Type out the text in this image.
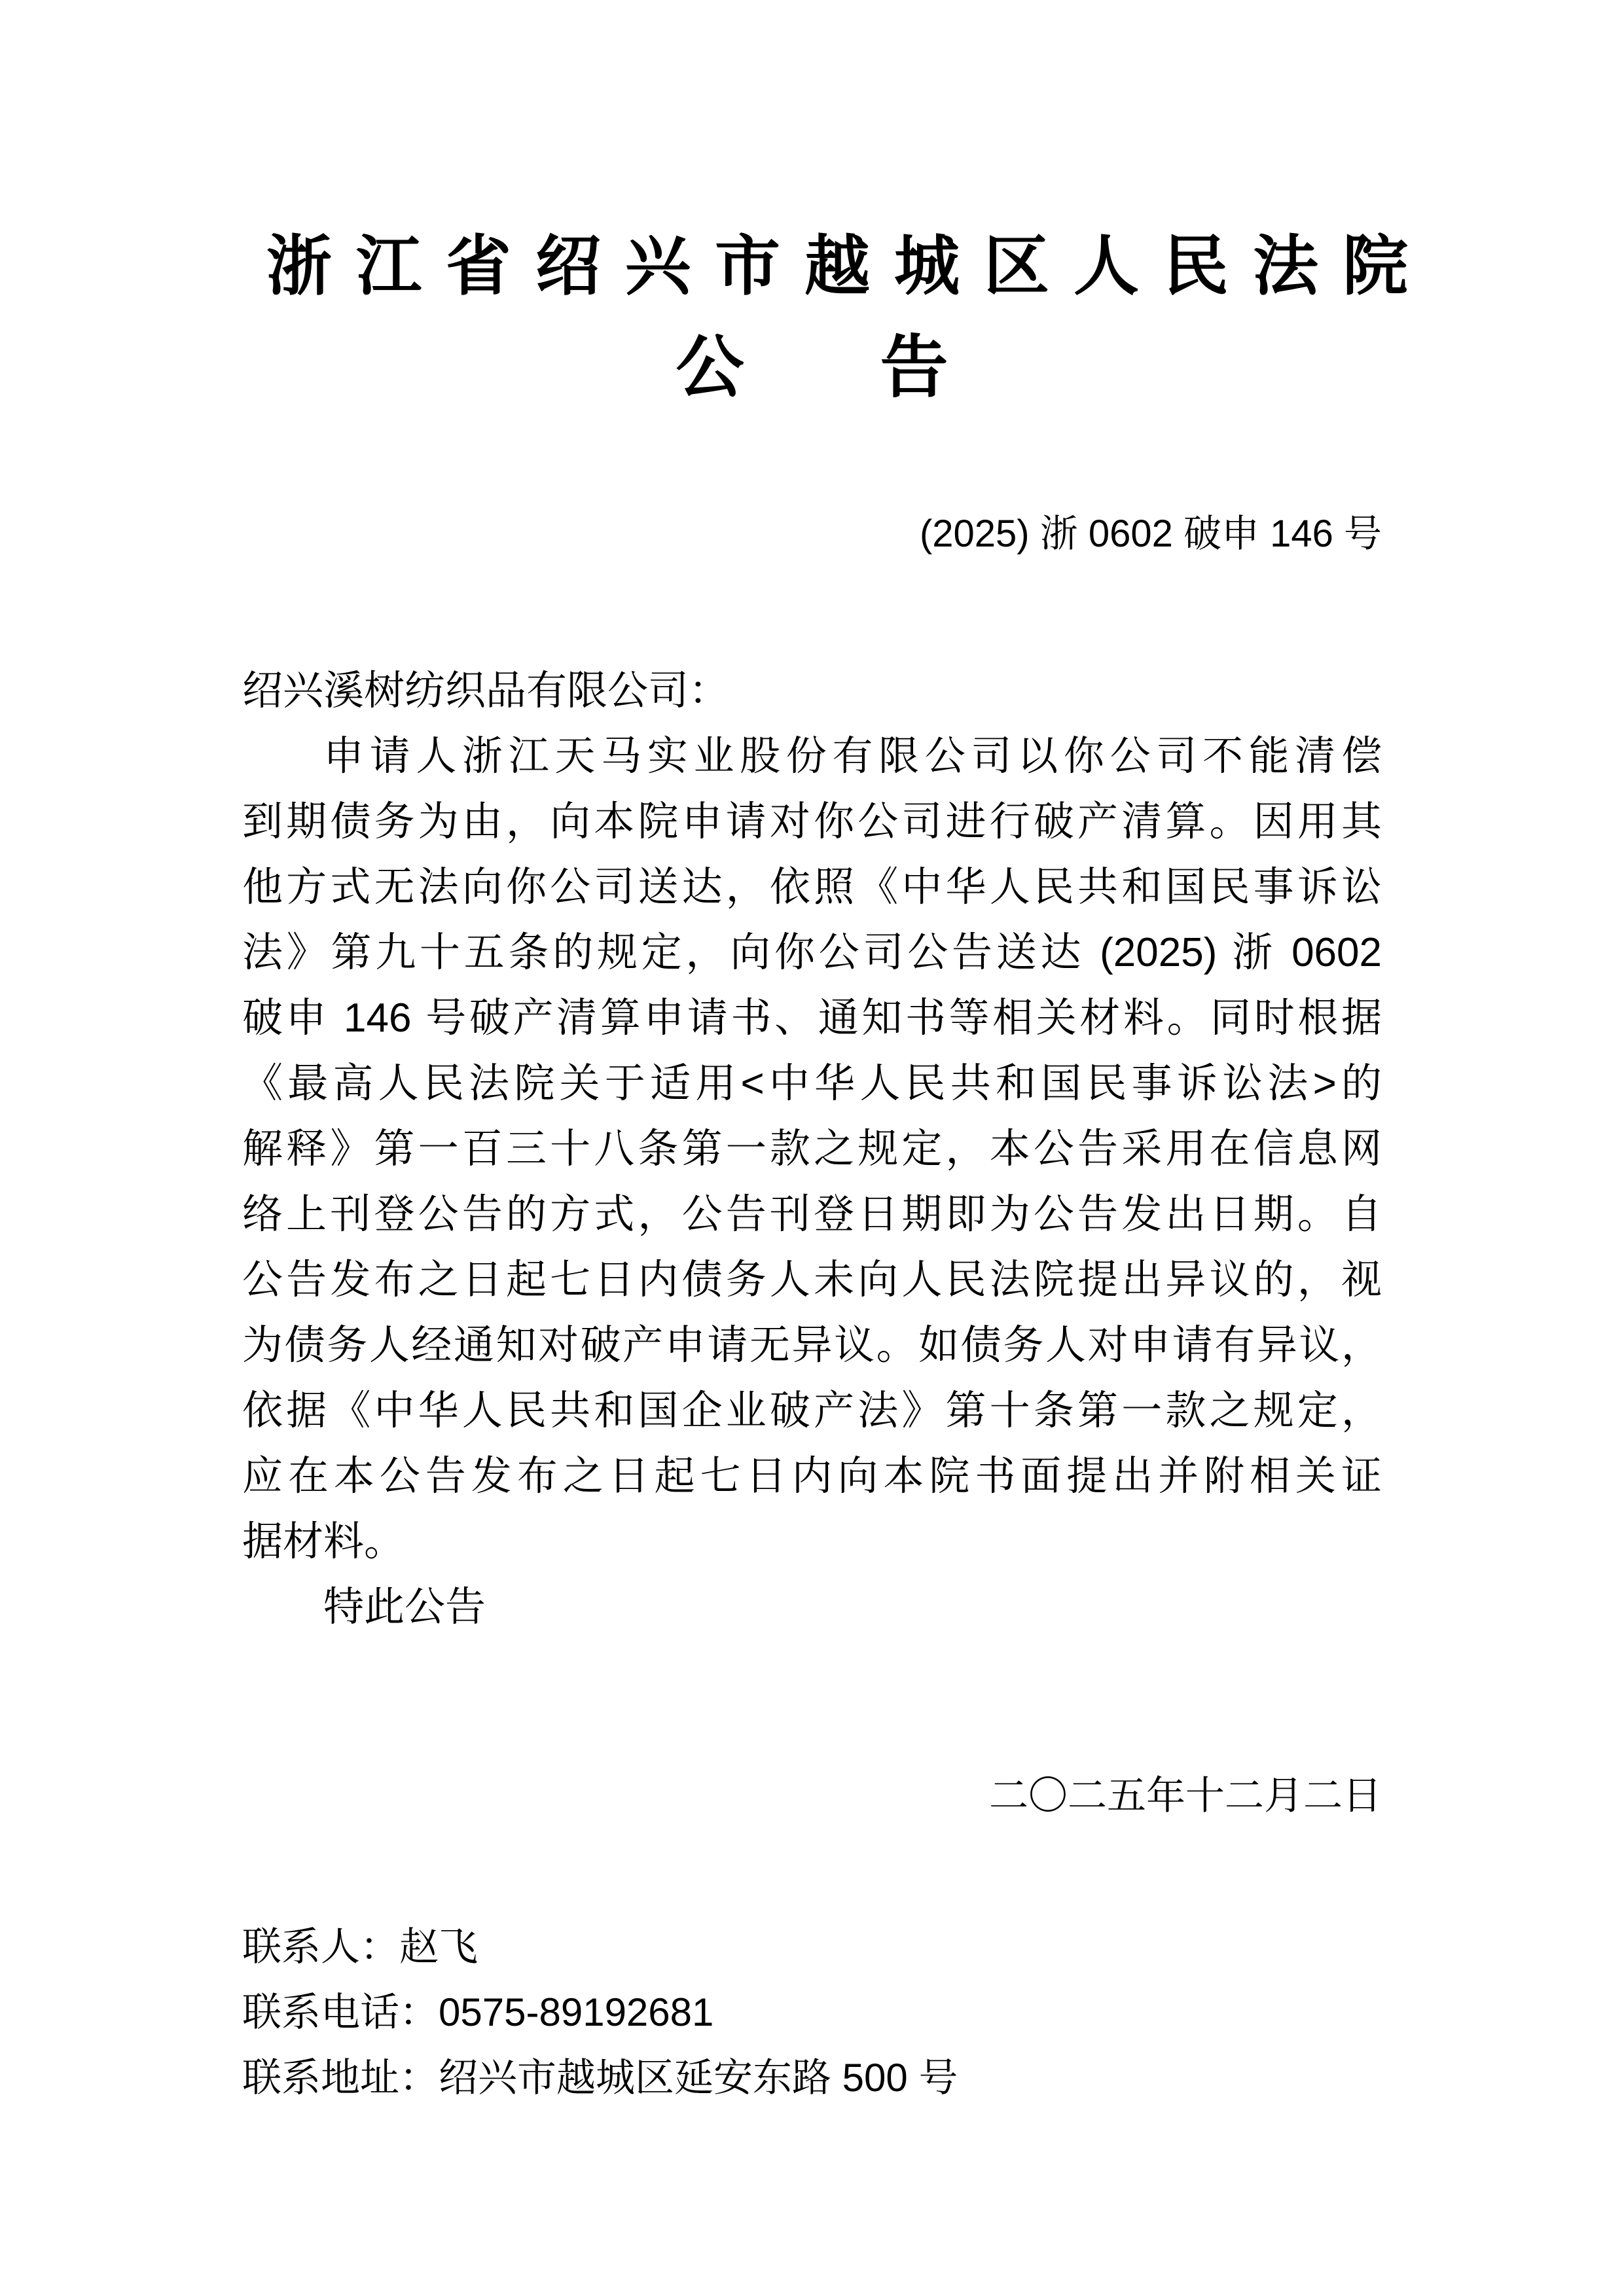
浙江省绍兴市越城区人民法院
公　　告
(2025) 浙 0602 破申 146 号
绍兴溪树纺织品有限公司：
申请人浙江天马实业股份有限公司以你公司不能清偿
到期债务为由，向本院申请对你公司进行破产清算。因用其
他方式无法向你公司送达，依照《中华人民共和国民事诉讼
法》第九十五条的规定，向你公司公告送达 (2025) 浙 0602
破申 146 号破产清算申请书、通知书等相关材料。同时根据
《最高人民法院关于适用<中华人民共和国民事诉讼法>的
解释》第一百三十八条第一款之规定，本公告采用在信息网
络上刊登公告的方式，公告刊登日期即为公告发出日期。自
公告发布之日起七日内债务人未向人民法院提出异议的，视
为债务人经通知对破产申请无异议。如债务人对申请有异议，
依据《中华人民共和国企业破产法》第十条第一款之规定，
应在本公告发布之日起七日内向本院书面提出并附相关证
据材料。
特此公告
二〇二五年十二月二日
联系人：赵飞
联系电话：0575-89192681
联系地址：绍兴市越城区延安东路 500 号
